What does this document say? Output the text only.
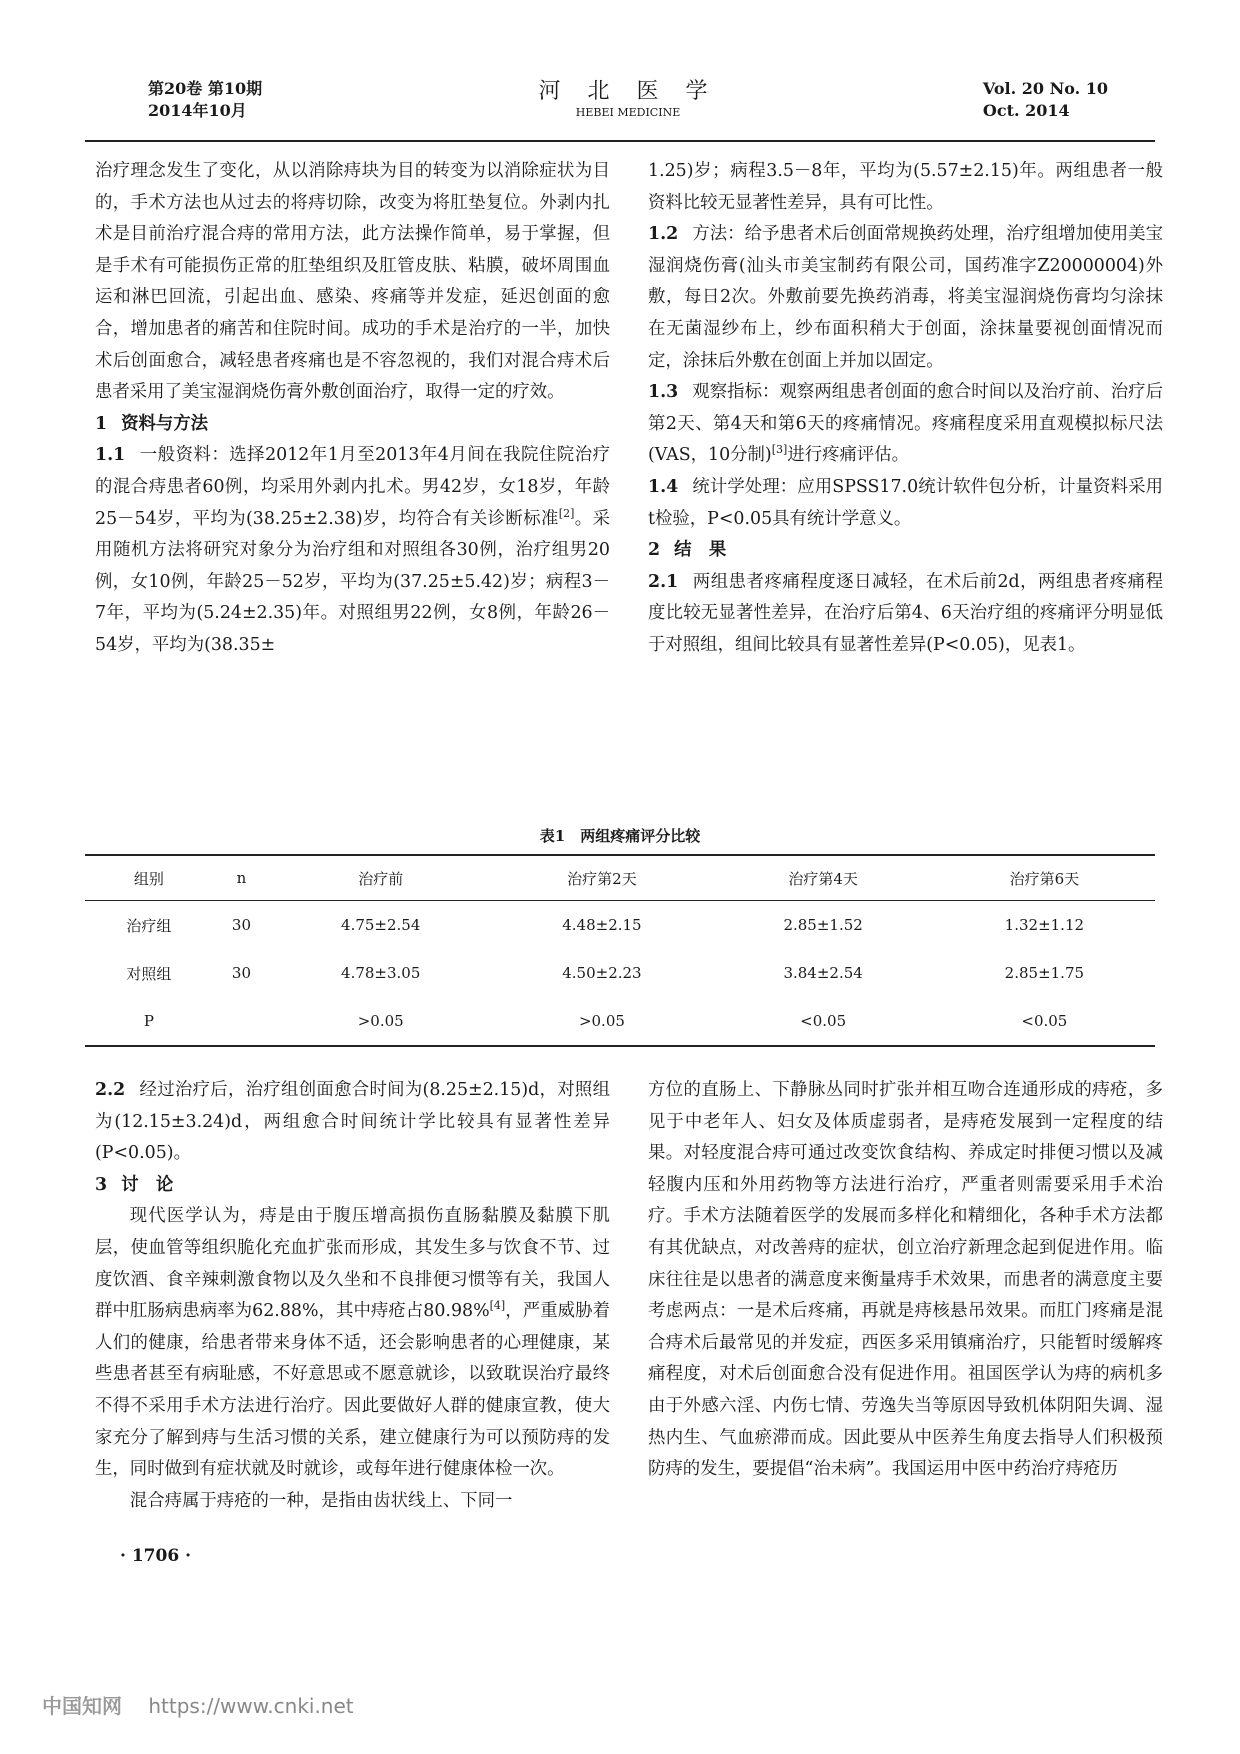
第20卷 第10期
2014年10月
河 北 医 学
HEBEI MEDICINE
Vol. 20 No. 10
Oct. 2014

治疗理念发生了变化，从以消除痔块为目的转变为以消除症状为目的，手术方法也从过去的将痔切除，改变为将肛垫复位。外剥内扎术是目前治疗混合痔的常用方法，此方法操作简单，易于掌握，但是手术有可能损伤正常的肛垫组织及肛管皮肤、粘膜，破坏周围血运和淋巴回流，引起出血、感染、疼痛等并发症，延迟创面的愈合，增加患者的痛苦和住院时间。成功的手术是治疗的一半，加快术后创面愈合，减轻患者疼痛也是不容忽视的，我们对混合痔术后患者采用了美宝湿润烧伤膏外敷创面治疗，取得一定的疗效。

1 资料与方法

1.1 一般资料：选择2012年1月至2013年4月间在我院住院治疗的混合痔患者60例，均采用外剥内扎术。男42岁，女18岁，年龄25－54岁，平均为(38.25±2.38)岁，均符合有关诊断标准[2]。采用随机方法将研究对象分为治疗组和对照组各30例，治疗组男20例，女10例，年龄25－52岁，平均为(37.25±5.42)岁；病程3－7年，平均为(5.24±2.35)年。对照组男22例，女8例，年龄26－54岁，平均为(38.35±

1.25)岁；病程3.5－8年，平均为(5.57±2.15)年。两组患者一般资料比较无显著性差异，具有可比性。

1.2 方法：给予患者术后创面常规换药处理，治疗组增加使用美宝湿润烧伤膏(汕头市美宝制药有限公司，国药准字Z20000004)外敷，每日2次。外敷前要先换药消毒，将美宝湿润烧伤膏均匀涂抹在无菌湿纱布上，纱布面积稍大于创面，涂抹量要视创面情况而定，涂抹后外敷在创面上并加以固定。

1.3 观察指标：观察两组患者创面的愈合时间以及治疗前、治疗后第2天、第4天和第6天的疼痛情况。疼痛程度采用直观模拟标尺法(VAS，10分制)[3]进行疼痛评估。

1.4 统计学处理：应用SPSS17.0统计软件包分析，计量资料采用t检验，P<0.05具有统计学意义。

2 结　果

2.1 两组患者疼痛程度逐日减轻，在术后前2d，两组患者疼痛程度比较无显著性差异，在治疗后第4、6天治疗组的疼痛评分明显低于对照组，组间比较具有显著性差异(P<0.05)，见表1。

表1　两组疼痛评分比较
组别	n	治疗前	治疗第2天	治疗第4天	治疗第6天
治疗组	30	4.75±2.54	4.48±2.15	2.85±1.52	1.32±1.12
对照组	30	4.78±3.05	4.50±2.23	3.84±2.54	2.85±1.75
P		>0.05	>0.05	<0.05	<0.05

2.2 经过治疗后，治疗组创面愈合时间为(8.25±2.15)d，对照组为(12.15±3.24)d，两组愈合时间统计学比较具有显著性差异(P<0.05)。

3 讨　论

现代医学认为，痔是由于腹压增高损伤直肠黏膜及黏膜下肌层，使血管等组织脆化充血扩张而形成，其发生多与饮食不节、过度饮酒、食辛辣刺激食物以及久坐和不良排便习惯等有关，我国人群中肛肠病患病率为62.88%，其中痔疮占80.98%[4]，严重威胁着人们的健康，给患者带来身体不适，还会影响患者的心理健康，某些患者甚至有病耻感，不好意思或不愿意就诊，以致耽误治疗最终不得不采用手术方法进行治疗。因此要做好人群的健康宣教，使大家充分了解到痔与生活习惯的关系，建立健康行为可以预防痔的发生，同时做到有症状就及时就诊，或每年进行健康体检一次。

混合痔属于痔疮的一种，是指由齿状线上、下同一

方位的直肠上、下静脉丛同时扩张并相互吻合连通形成的痔疮，多见于中老年人、妇女及体质虚弱者，是痔疮发展到一定程度的结果。对轻度混合痔可通过改变饮食结构、养成定时排便习惯以及减轻腹内压和外用药物等方法进行治疗，严重者则需要采用手术治疗。手术方法随着医学的发展而多样化和精细化，各种手术方法都有其优缺点，对改善痔的症状，创立治疗新理念起到促进作用。临床往往是以患者的满意度来衡量痔手术效果，而患者的满意度主要考虑两点：一是术后疼痛，再就是痔核悬吊效果。而肛门疼痛是混合痔术后最常见的并发症，西医多采用镇痛治疗，只能暂时缓解疼痛程度，对术后创面愈合没有促进作用。祖国医学认为痔的病机多由于外感六淫、内伤七情、劳逸失当等原因导致机体阴阳失调、湿热内生、气血瘀滞而成。因此要从中医养生角度去指导人们积极预防痔的发生，要提倡“治未病”。我国运用中医中药治疗痔疮历

· 1706 ·
中国知网 https://www.cnki.net
